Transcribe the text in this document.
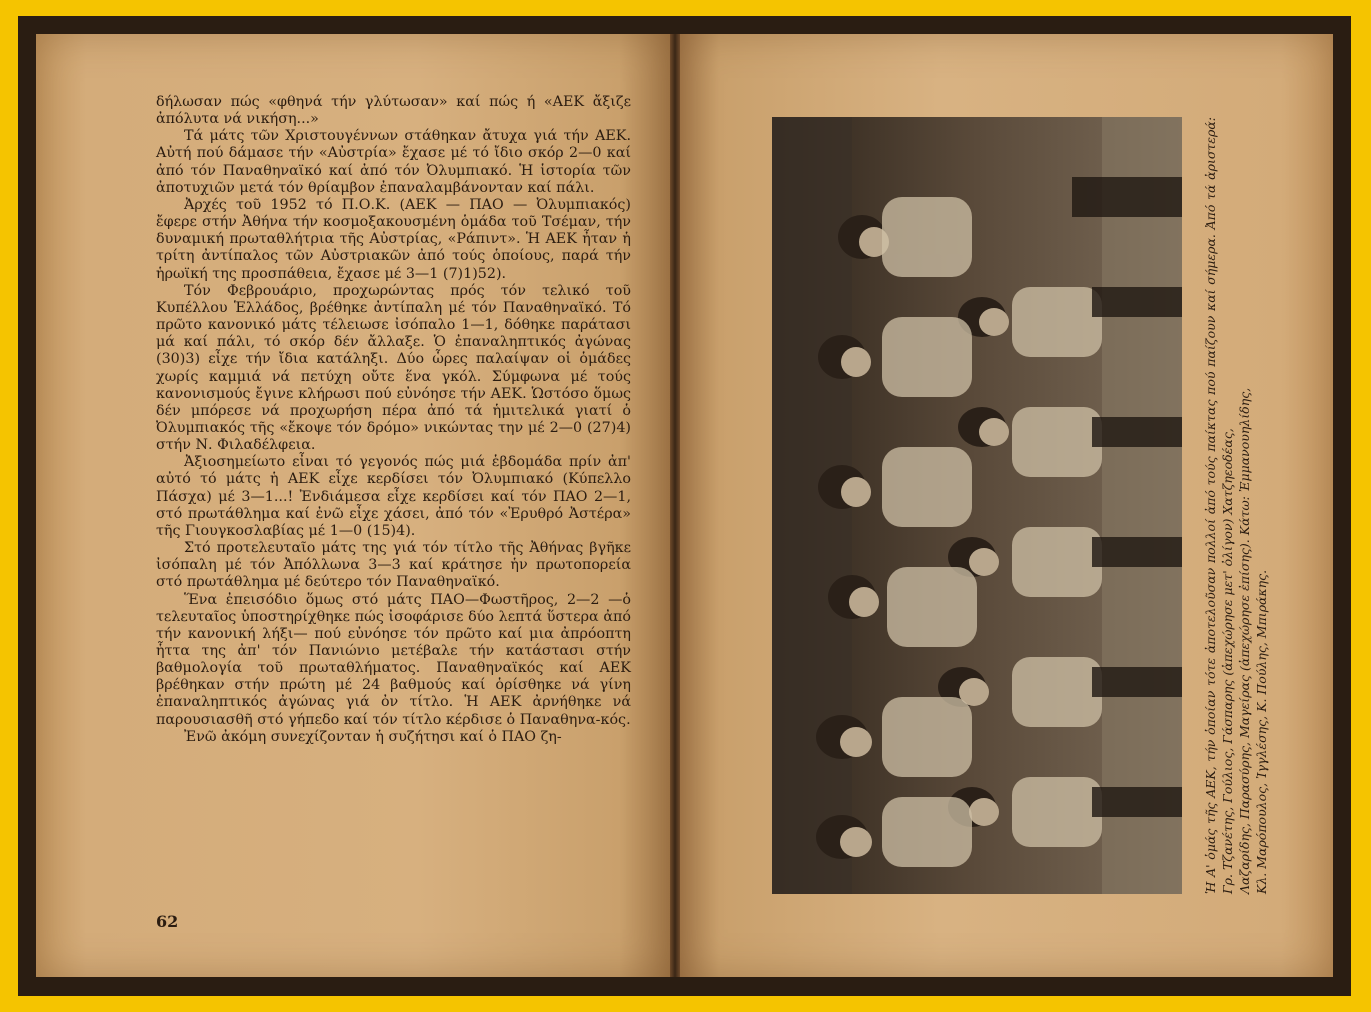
δήλωσαν πώς «φθηνά τήν γλύτωσαν» καί πώς ή «ΑΕΚ ἄξιζε ἀπόλυτα νά νικήση...»

Τά μάτς τῶν Χριστουγέννων στάθηκαν ἄτυχα γιά τήν ΑΕΚ. Αὐτή πού δάμασε τήν «Αὐστρία» ἔχασε μέ τό ἴδιο σκόρ 2—0 καί ἀπό τόν Παναθηναϊκό καί ἀπό τόν Ὀλυμπιακό. Ἡ ἱστορία τῶν ἀποτυχιῶν μετά τόν θρίαμβον ἐπαναλαμβάνονταν καί πάλι.

Ἀρχές τοῦ 1952 τό Π.Ο.Κ. (ΑΕΚ — ΠΑΟ — Ὀλυμπιακός) ἔφερε στήν Ἀθήνα τήν κοσμοξακουσμένη ὁμάδα τοῦ Τσέμαν, τήν δυναμική πρωταθλήτρια τῆς Αὐστρίας, «Ράπιντ». Ἡ ΑΕΚ ἦταν ἡ τρίτη ἀντίπαλος τῶν Αὐστριακῶν ἀπό τούς ὁποίους, παρά τήν ἡρωϊκή της προσπάθεια, ἔχασε μέ 3—1 (7)1)52).

Τόν Φεβρουάριο, προχωρώντας πρός τόν τελικό τοῦ Κυπέλλου Ἑλλάδος, βρέθηκε ἀντίπαλη μέ τόν Παναθηναϊκό. Τό πρῶτο κανονικό μάτς τέλειωσε ἰσόπαλο 1—1, δόθηκε παράτασι μά καί πάλι, τό σκόρ δέν ἄλλαξε. Ὁ ἐπαναληπτικός ἀγώνας (30)3) εἶχε τήν ἴδια κατάληξι. Δύο ὧρες παλαίψαν οἱ ὁμάδες χωρίς καμμιά νά πετύχη οὔτε ἕνα γκόλ. Σύμφωνα μέ τούς κανονισμούς ἔγινε κλήρωσι πού εὐνόησε τήν ΑΕΚ. Ὡστόσο ὅμως δέν μπόρεσε νά προχωρήση πέρα ἀπό τά ἡμιτελικά γιατί ὁ Ὀλυμπιακός τῆς «ἔκοψε τόν δρόμο» νικώντας την μέ 2—0 (27)4) στήν Ν. Φιλαδέλφεια.

Ἀξιοσημείωτο εἶναι τό γεγονός πώς μιά ἑβδομάδα πρίν ἀπ' αὐτό τό μάτς ἡ ΑΕΚ εἶχε κερδίσει τόν Ὀλυμπιακό (Κύπελλο Πάσχα) μέ 3—1...! Ἐνδιάμεσα εἶχε κερδίσει καί τόν ΠΑΟ 2—1, στό πρωτάθλημα καί ἐνῶ εἶχε χάσει, ἀπό τόν «Ἐρυθρό Ἀστέρα» τῆς Γιουγκοσλαβίας μέ 1—0 (15)4).

Στό προτελευταῖο μάτς της γιά τόν τίτλο τῆς Ἀθήνας βγῆκε ἰσόπαλη μέ τόν Ἀπόλλωνα 3—3 καί κράτησε ἡν πρωτοπορεία στό πρωτάθλημα μέ δεύτερο τόν Παναθηναϊκό.

Ἕνα ἐπεισόδιο ὅμως στό μάτς ΠΑΟ—Φωστῆρος, 2—2 —ὁ τελευταῖος ὑποστηρίχθηκε πώς ἰσοφάρισε δύο λεπτά ὕστερα ἀπό τήν κανονική λήξι— πού εὐνόησε τόν πρῶτο καί μια ἀπρόοπτη ἧττα της ἀπ' τόν Πανιώνιο μετέβαλε τήν κατάστασι στήν βαθμολογία τοῦ πρωταθλήματος. Παναθηναϊκός καί ΑΕΚ βρέθηκαν στήν πρώτη μέ 24 βαθμούς καί ὁρίσθηκε νά γίνη ἐπαναληπτικός ἀγώνας γιά ὀν τίτλο. Ἡ ΑΕΚ ἀρνήθηκε νά παρουσιασθῆ στό γήπεδο καί τόν τίτλο κέρδισε ὁ Παναθηνα-κός.

Ἐνῶ ἀκόμη συνεχίζονταν ἡ συζήτησι καί ὁ ΠΑΟ ζη-

62

Ἡ Α' ὁμάς τῆς ΑΕΚ, τήν ὁποίαν τότε ἀποτελοῦσαν πολλοί ἀπό τούς παίκτας πού παίζουν καί σήμερα. Ἀπό τά ἀριστερά: Γρ. Τζανέτης, Γούλιος, Γάσπαρης (ἀπεχώρησε μετ' ὀλίγον) Χατζηεοδέας, Λαζαρίδης, Παρασύρης, Μαγείρας (ἀπεχώρησε ἐπίσης). Κάτω: Ἐμμανουηλίδης, Κλ. Μαρόπουλος, Ἰγγλέσης, Κ. Πούλης, Μπιράκης.
